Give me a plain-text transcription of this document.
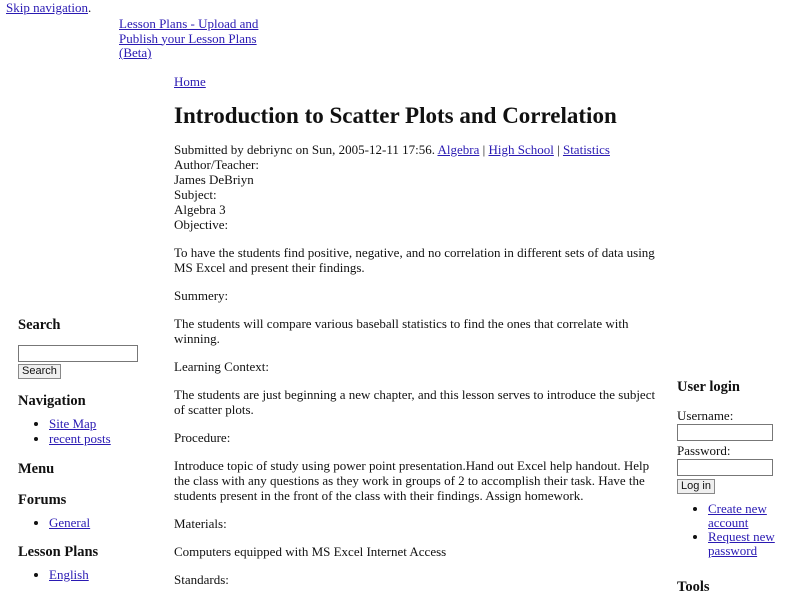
Skip navigation.
Lesson Plans - Upload and Publish your Lesson Plans (Beta)
Home
Introduction to Scatter Plots and Correlation
Submitted by debriync on Sun, 2005-12-11 17:56. Algebra | High School | Statistics
Author/Teacher:
James DeBriyn
Subject:
Algebra 3
Objective:

To have the students find positive, negative, and no correlation in different sets of data using MS Excel and present their findings.

Summery:

The students will compare various baseball statistics to find the ones that correlate with winning.

Learning Context:

The students are just beginning a new chapter, and this lesson serves to introduce the subject of scatter plots.

Procedure:

Introduce topic of study using power point presentation.Hand out Excel help handout. Help the class with any questions as they work in groups of 2 to accomplish their task. Have the students present in the front of the class with their findings. Assign homework.

Materials:

Computers equipped with MS Excel Internet Access

Standards:

Search
Search
Navigation
• Site Map
• recent posts
Menu
Forums
• General
Lesson Plans
• English
User login
Username:
Password:
Log in
• Create new account
• Request new password
Tools
